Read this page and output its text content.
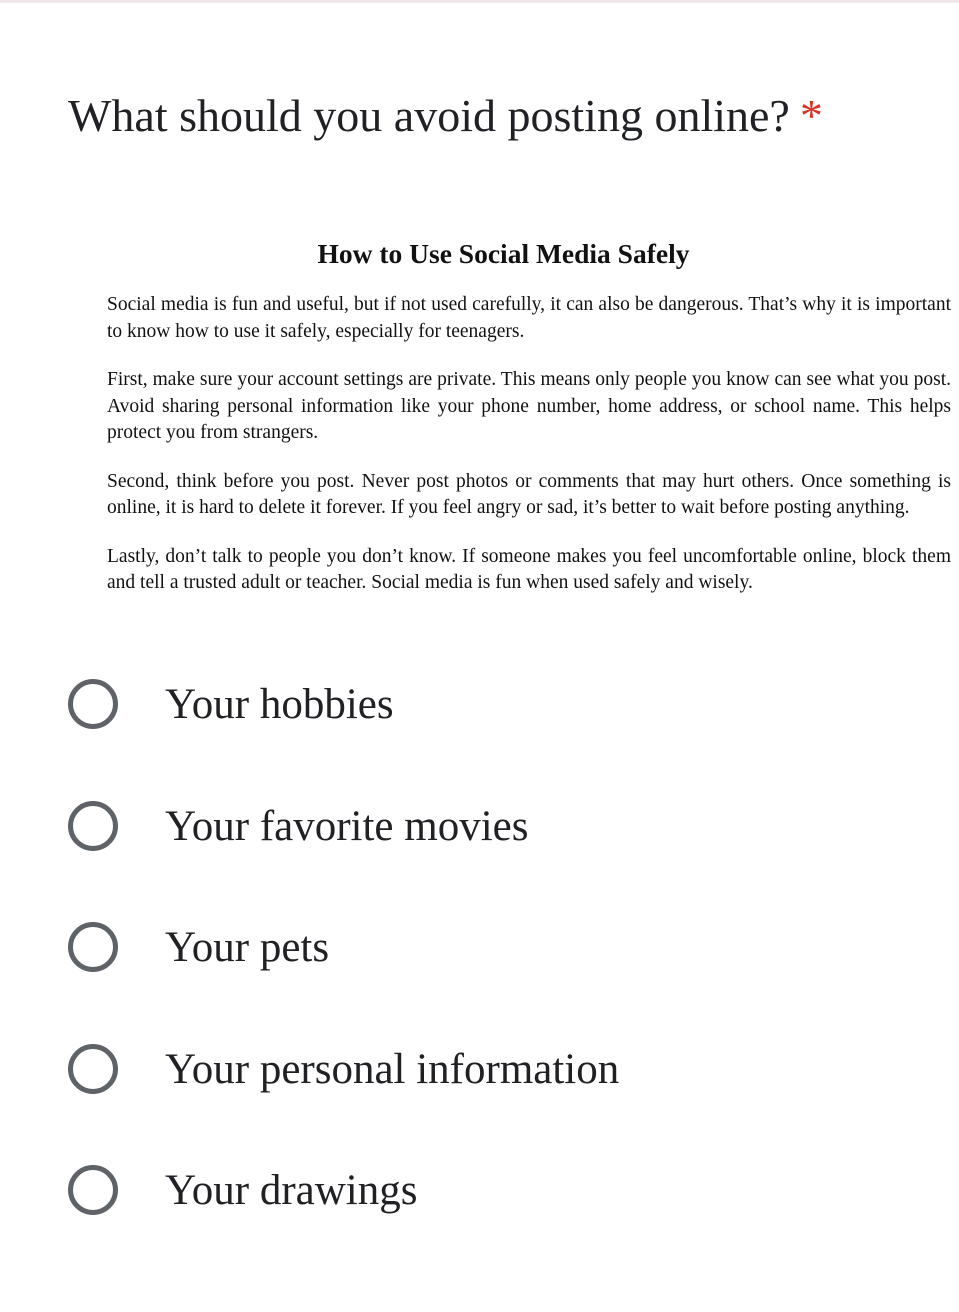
What should you avoid posting online? *
How to Use Social Media Safely

Social media is fun and useful, but if not used carefully, it can also be dangerous. That’s why it is important to know how to use it safely, especially for teenagers.

First, make sure your account settings are private. This means only people you know can see what you post. Avoid sharing personal information like your phone number, home address, or school name. This helps protect you from strangers.

Second, think before you post. Never post photos or comments that may hurt others. Once something is online, it is hard to delete it forever. If you feel angry or sad, it’s better to wait before posting anything.

Lastly, don’t talk to people you don’t know. If someone makes you feel uncomfortable online, block them and tell a trusted adult or teacher. Social media is fun when used safely and wisely.

Your hobbies
Your favorite movies
Your pets
Your personal information
Your drawings
